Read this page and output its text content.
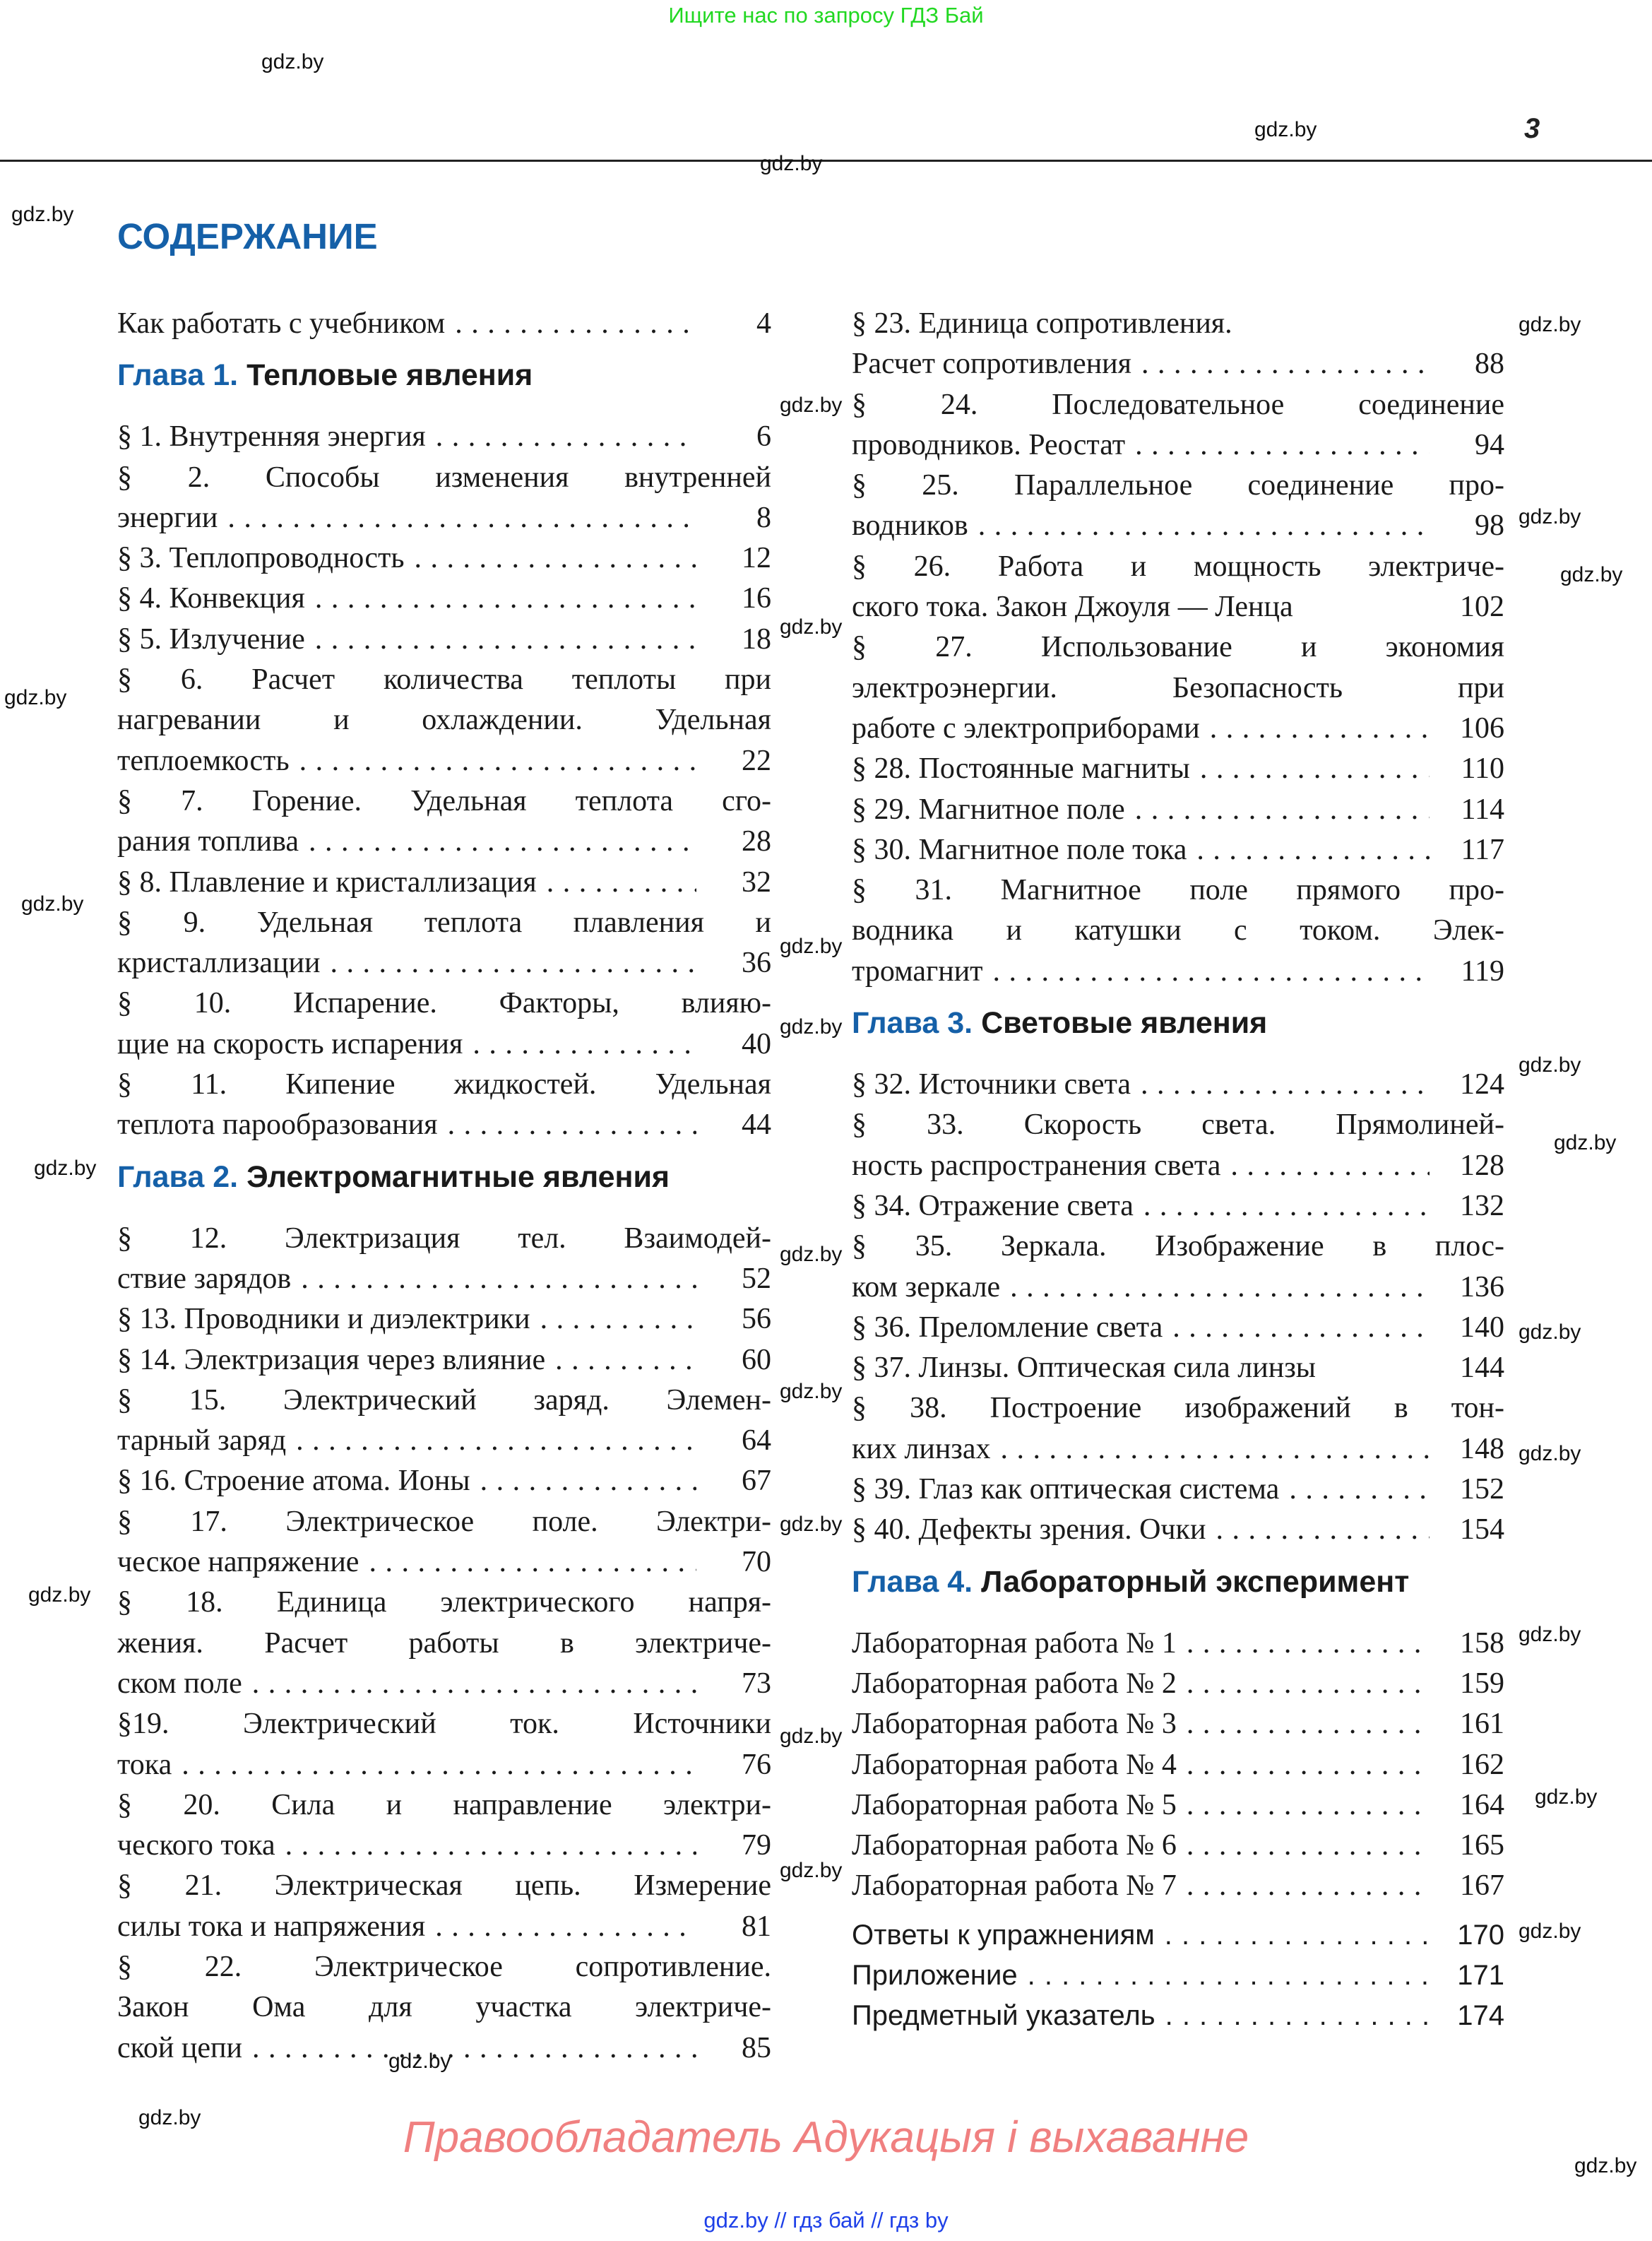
Ищите нас по запросу ГДЗ Бай
3
СОДЕРЖАНИЕ
Как работать с учебником . . .	4
Глава 1. Тепловые явления
§ 1. Внутренняя энергия . . .	6
§ 2. Способы изменения внутренней
энергии . . .	8
§ 3. Теплопроводность . . .	12
§ 4. Конвекция . . .	16
§ 5. Излучение . . .	18
§ 6. Расчет количества теплоты при
нагревании и охлаждении. Удельная
теплоемкость . . .	22
§ 7. Горение. Удельная теплота сго-
рания топлива . . .	28
§ 8. Плавление и кристаллизация . . .	32
§ 9. Удельная теплота плавления и
кристаллизации . . .	36
§ 10. Испарение. Факторы, влияю-
щие на скорость испарения . . .	40
§ 11. Кипение жидкостей. Удельная
теплота парообразования . . .	44
Глава 2. Электромагнитные явления
§ 12. Электризация тел. Взаимодей-
ствие зарядов . . .	52
§ 13. Проводники и диэлектрики . . .	56
§ 14. Электризация через влияние . . .	60
§ 15. Электрический заряд. Элемен-
тарный заряд . . .	64
§ 16. Строение атома. Ионы . . .	67
§ 17. Электрическое поле. Электри-
ческое напряжение . . .	70
§ 18. Единица электрического напря-
жения. Расчет работы в электриче-
ском поле . . .	73
§19. Электрический ток. Источники
тока . . .	76
§ 20. Сила и направление электри-
ческого тока . . .	79
§ 21. Электрическая цепь. Измерение
силы тока и напряжения . . .	81
§ 22. Электрическое сопротивление.
Закон Ома для участка электриче-
ской цепи . . .	85
§ 23. Единица сопротивления.
Расчет сопротивления . . .	88
§ 24. Последовательное соединение
проводников. Реостат . . .	94
§ 25. Параллельное соединение про-
водников . . .	98
§ 26. Работа и мощность электриче-
ского тока. Закон Джоуля — Ленца	102
§ 27. Использование и экономия
электроэнергии. Безопасность при
работе с электроприборами . . .	106
§ 28. Постоянные магниты . . .	110
§ 29. Магнитное поле . . .	114
§ 30. Магнитное поле тока . . .	117
§ 31. Магнитное поле прямого про-
водника и катушки с током. Элек-
тромагнит . . .	119
Глава 3. Световые явления
§ 32. Источники света . . .	124
§ 33. Скорость света. Прямолиней-
ность распространения света . . .	128
§ 34. Отражение света . . .	132
§ 35. Зеркала. Изображение в плос-
ком зеркале . . .	136
§ 36. Преломление света . . .	140
§ 37. Линзы. Оптическая сила линзы	144
§ 38. Построение изображений в тон-
ких линзах . . .	148
§ 39. Глаз как оптическая система . . .	152
§ 40. Дефекты зрения. Очки . . .	154
Глава 4. Лабораторный эксперимент
Лабораторная работа № 1 . . .	158
Лабораторная работа № 2 . . .	159
Лабораторная работа № 3 . . .	161
Лабораторная работа № 4 . . .	162
Лабораторная работа № 5 . . .	164
Лабораторная работа № 6 . . .	165
Лабораторная работа № 7 . . .	167
Ответы к упражнениям . . .	170
Приложение . . .	171
Предметный указатель . . .	174
gdz.by
gdz.by
gdz.by
gdz.by
gdz.by
gdz.by
gdz.by
gdz.by
gdz.by
gdz.by
gdz.by
gdz.by
gdz.by
gdz.by
gdz.by
gdz.by
gdz.by
gdz.by
gdz.by
gdz.by
gdz.by
gdz.by
gdz.by
gdz.by
gdz.by
gdz.by
gdz.by
gdz.by
gdz.by
gdz.by
Правообладатель Адукацыя і выхаванне
gdz.by // гдз бай // гдз by
